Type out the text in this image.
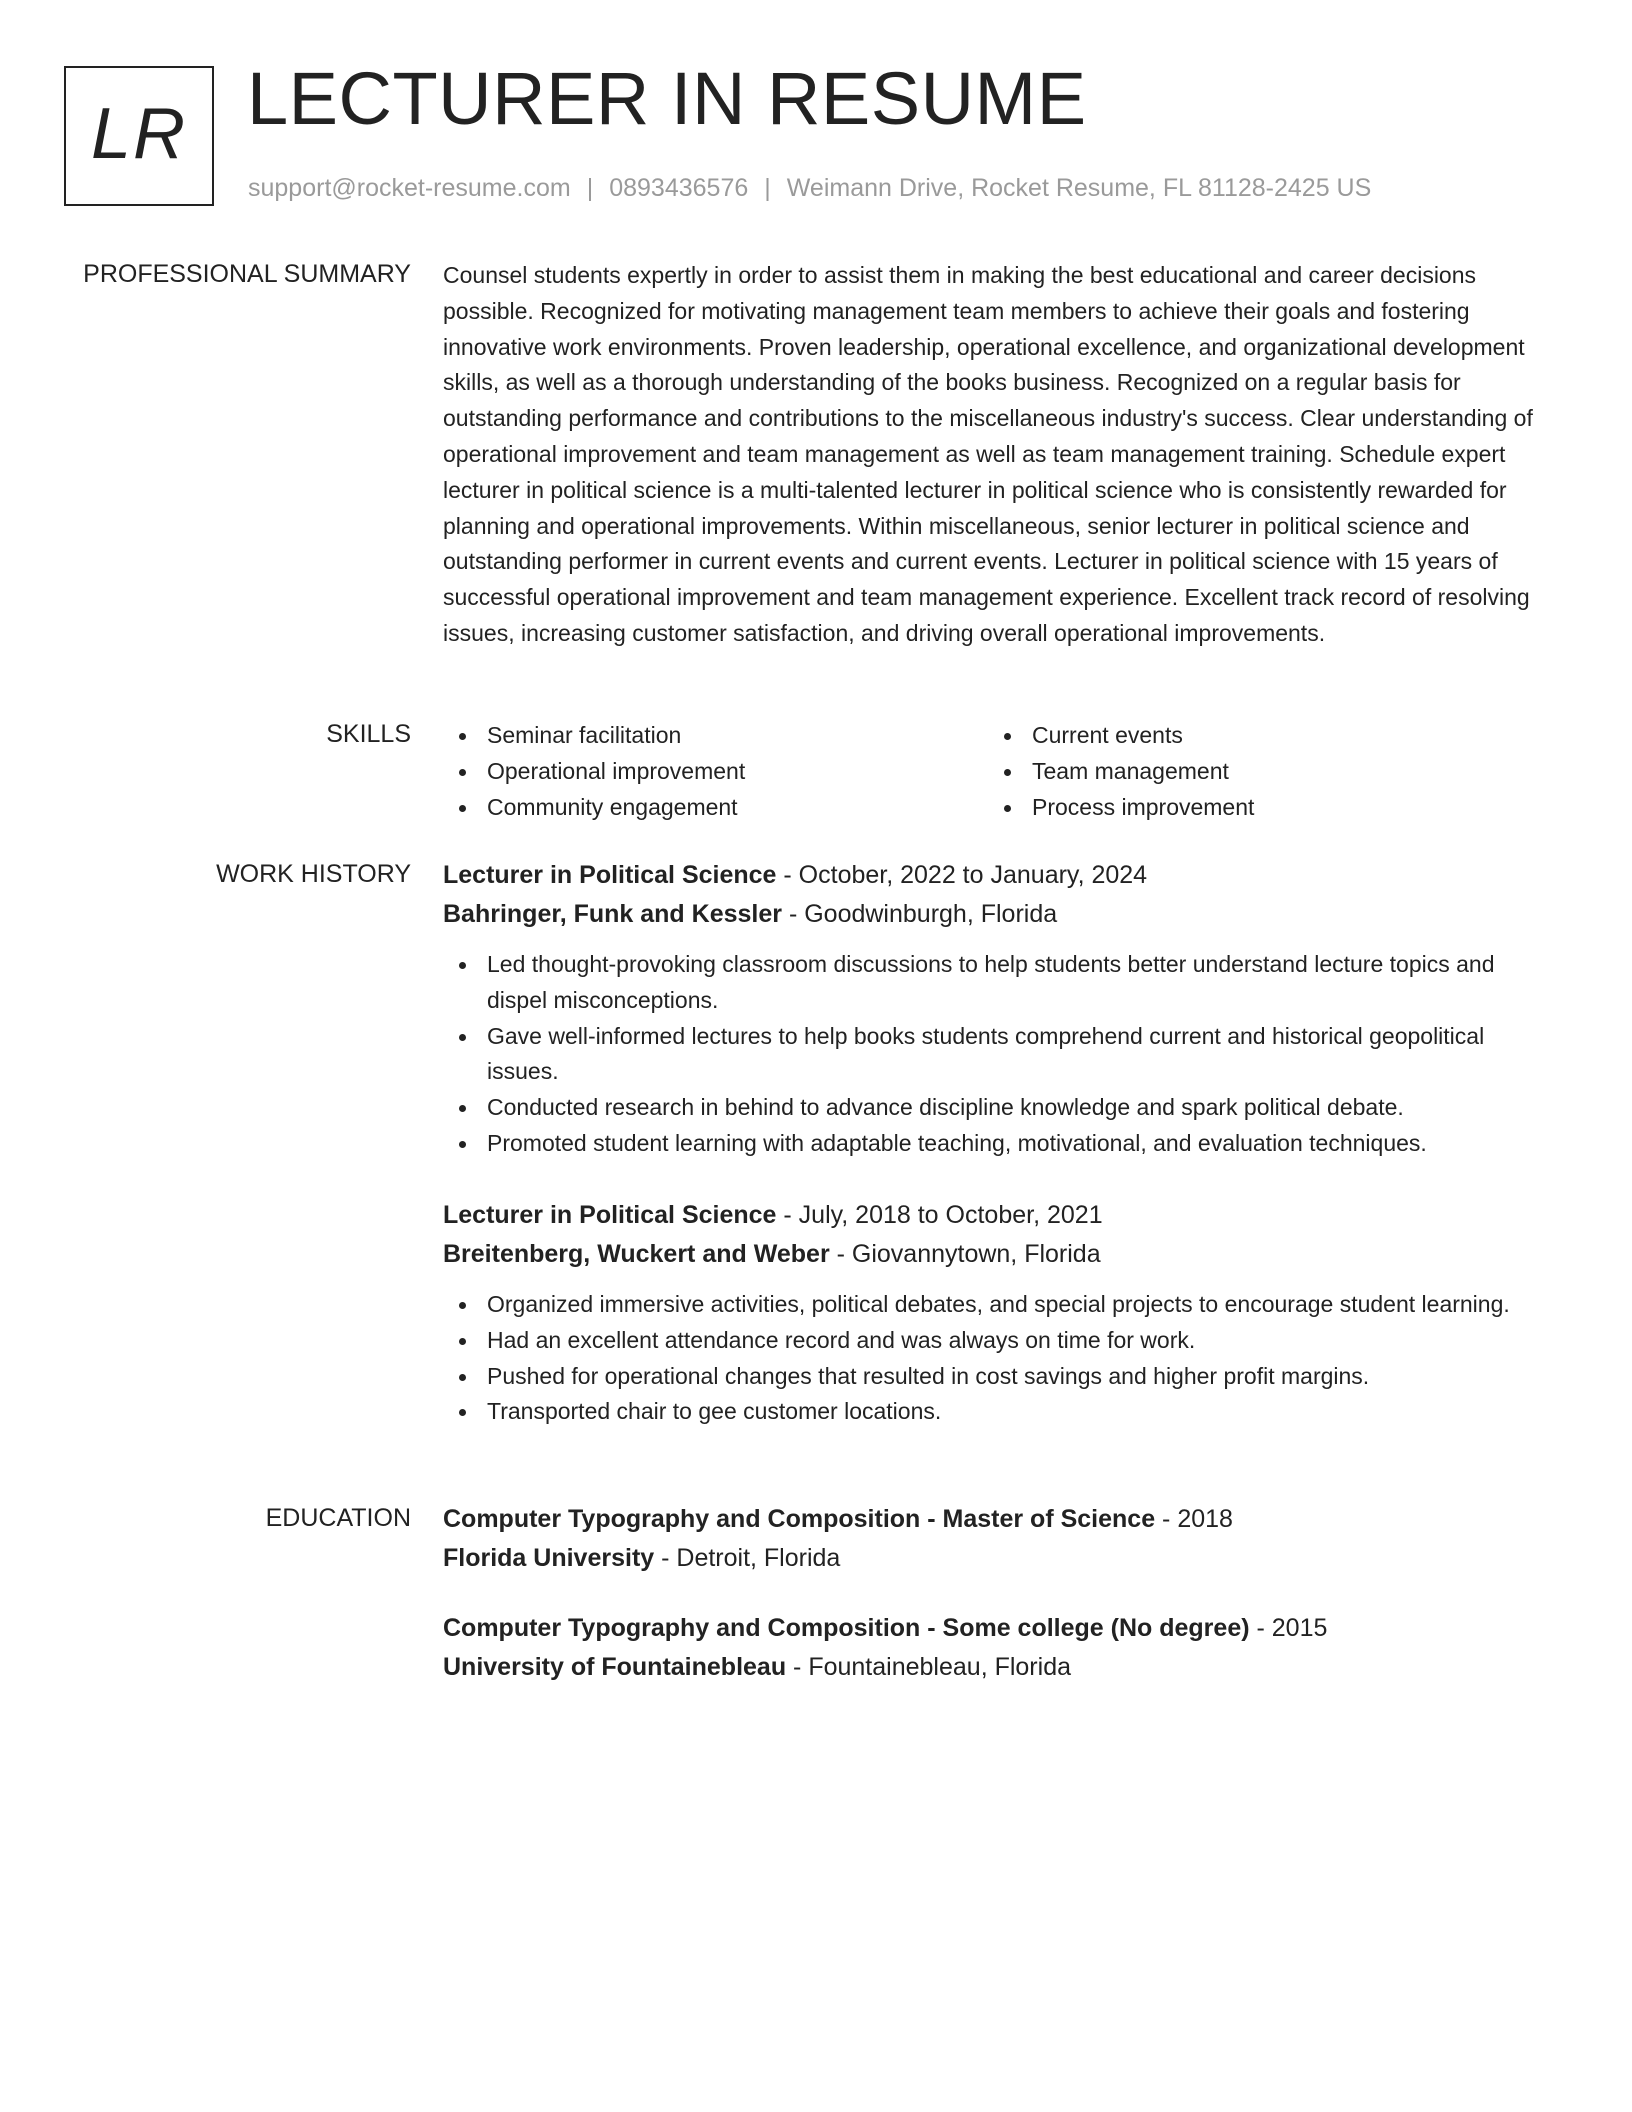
LR LECTURER IN RESUME
support@rocket-resume.com | 0893436576 | Weimann Drive, Rocket Resume, FL 81128-2425 US
PROFESSIONAL SUMMARY Counsel students expertly in order to assist them in making the best educational and career decisions possible. Recognized for motivating management team members to achieve their goals and fostering innovative work environments. Proven leadership, operational excellence, and organizational development skills, as well as a thorough understanding of the books business. Recognized on a regular basis for outstanding performance and contributions to the miscellaneous industry's success. Clear understanding of operational improvement and team management as well as team management training. Schedule expert lecturer in political science is a multi-talented lecturer in political science who is consistently rewarded for planning and operational improvements. Within miscellaneous, senior lecturer in political science and outstanding performer in current events and current events. Lecturer in political science with 15 years of successful operational improvement and team management experience. Excellent track record of resolving issues, increasing customer satisfaction, and driving overall operational improvements.

SKILLS	Seminar facilitation
Operational improvement
Community engagement
Current events
Team management
Process improvement
WORK HISTORY Lecturer in Political Science - October, 2022 to January, 2024
Bahringer, Funk and Kessler - Goodwinburgh, Florida
Led thought-provoking classroom discussions to help students better understand lecture topics and dispel misconceptions.
Gave well-informed lectures to help books students comprehend current and historical geopolitical issues.
Conducted research in behind to advance discipline knowledge and spark political debate.
Promoted student learning with adaptable teaching, motivational, and evaluation techniques.
Lecturer in Political Science - July, 2018 to October, 2021
Breitenberg, Wuckert and Weber - Giovannytown, Florida
Organized immersive activities, political debates, and special projects to encourage student learning.
Had an excellent attendance record and was always on time for work.
Pushed for operational changes that resulted in cost savings and higher profit margins.
Transported chair to gee customer locations.
EDUCATION Computer Typography and Composition - Master of Science - 2018
Florida University - Detroit, Florida
Computer Typography and Composition - Some college (No degree) - 2015
University of Fountainebleau - Fountainebleau, Florida
